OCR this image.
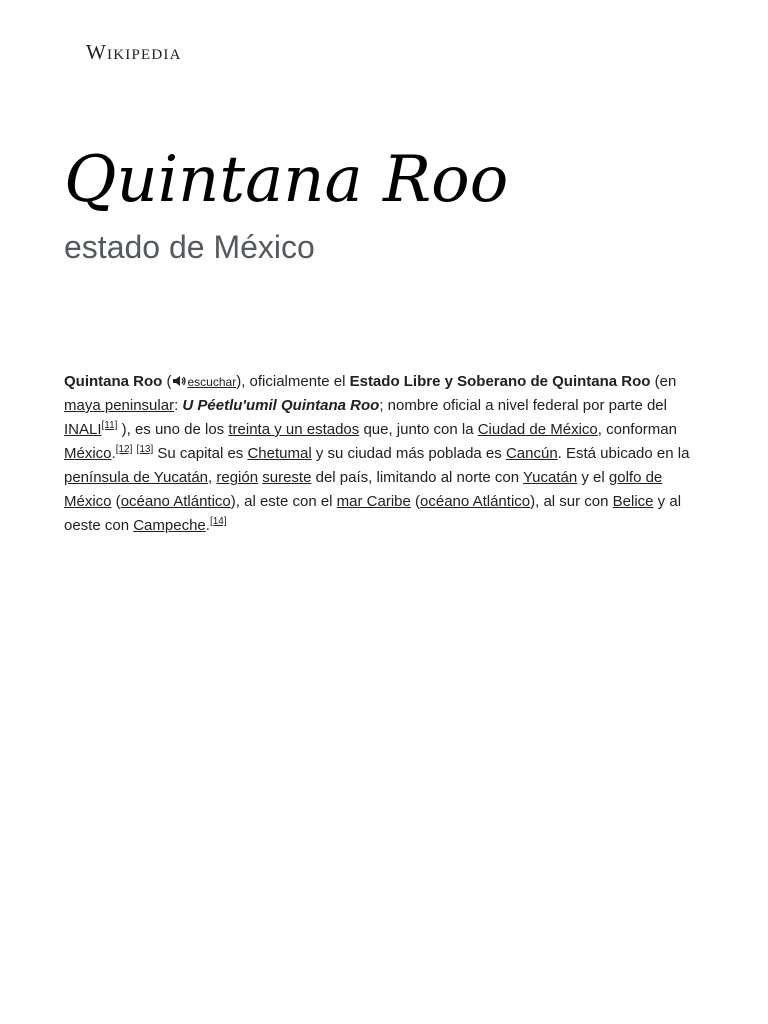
Wikipedia
Quintana Roo
estado de México

Quintana Roo ( escuchar), oficialmente el Estado Libre y Soberano de Quintana Roo (en maya peninsular: U Péetlu'umil Quintana Roo; nombre oficial a nivel federal por parte del INALI[11] ), es uno de los treinta y un estados que, junto con la Ciudad de México, conforman México.[12] [13] Su capital es Chetumal y su ciudad más poblada es Cancún. Está ubicado en la península de Yucatán, región sureste del país, limitando al norte con Yucatán y el golfo de México (océano Atlántico), al este con el mar Caribe (océano Atlántico), al sur con Belice y al oeste con Campeche.[14]
